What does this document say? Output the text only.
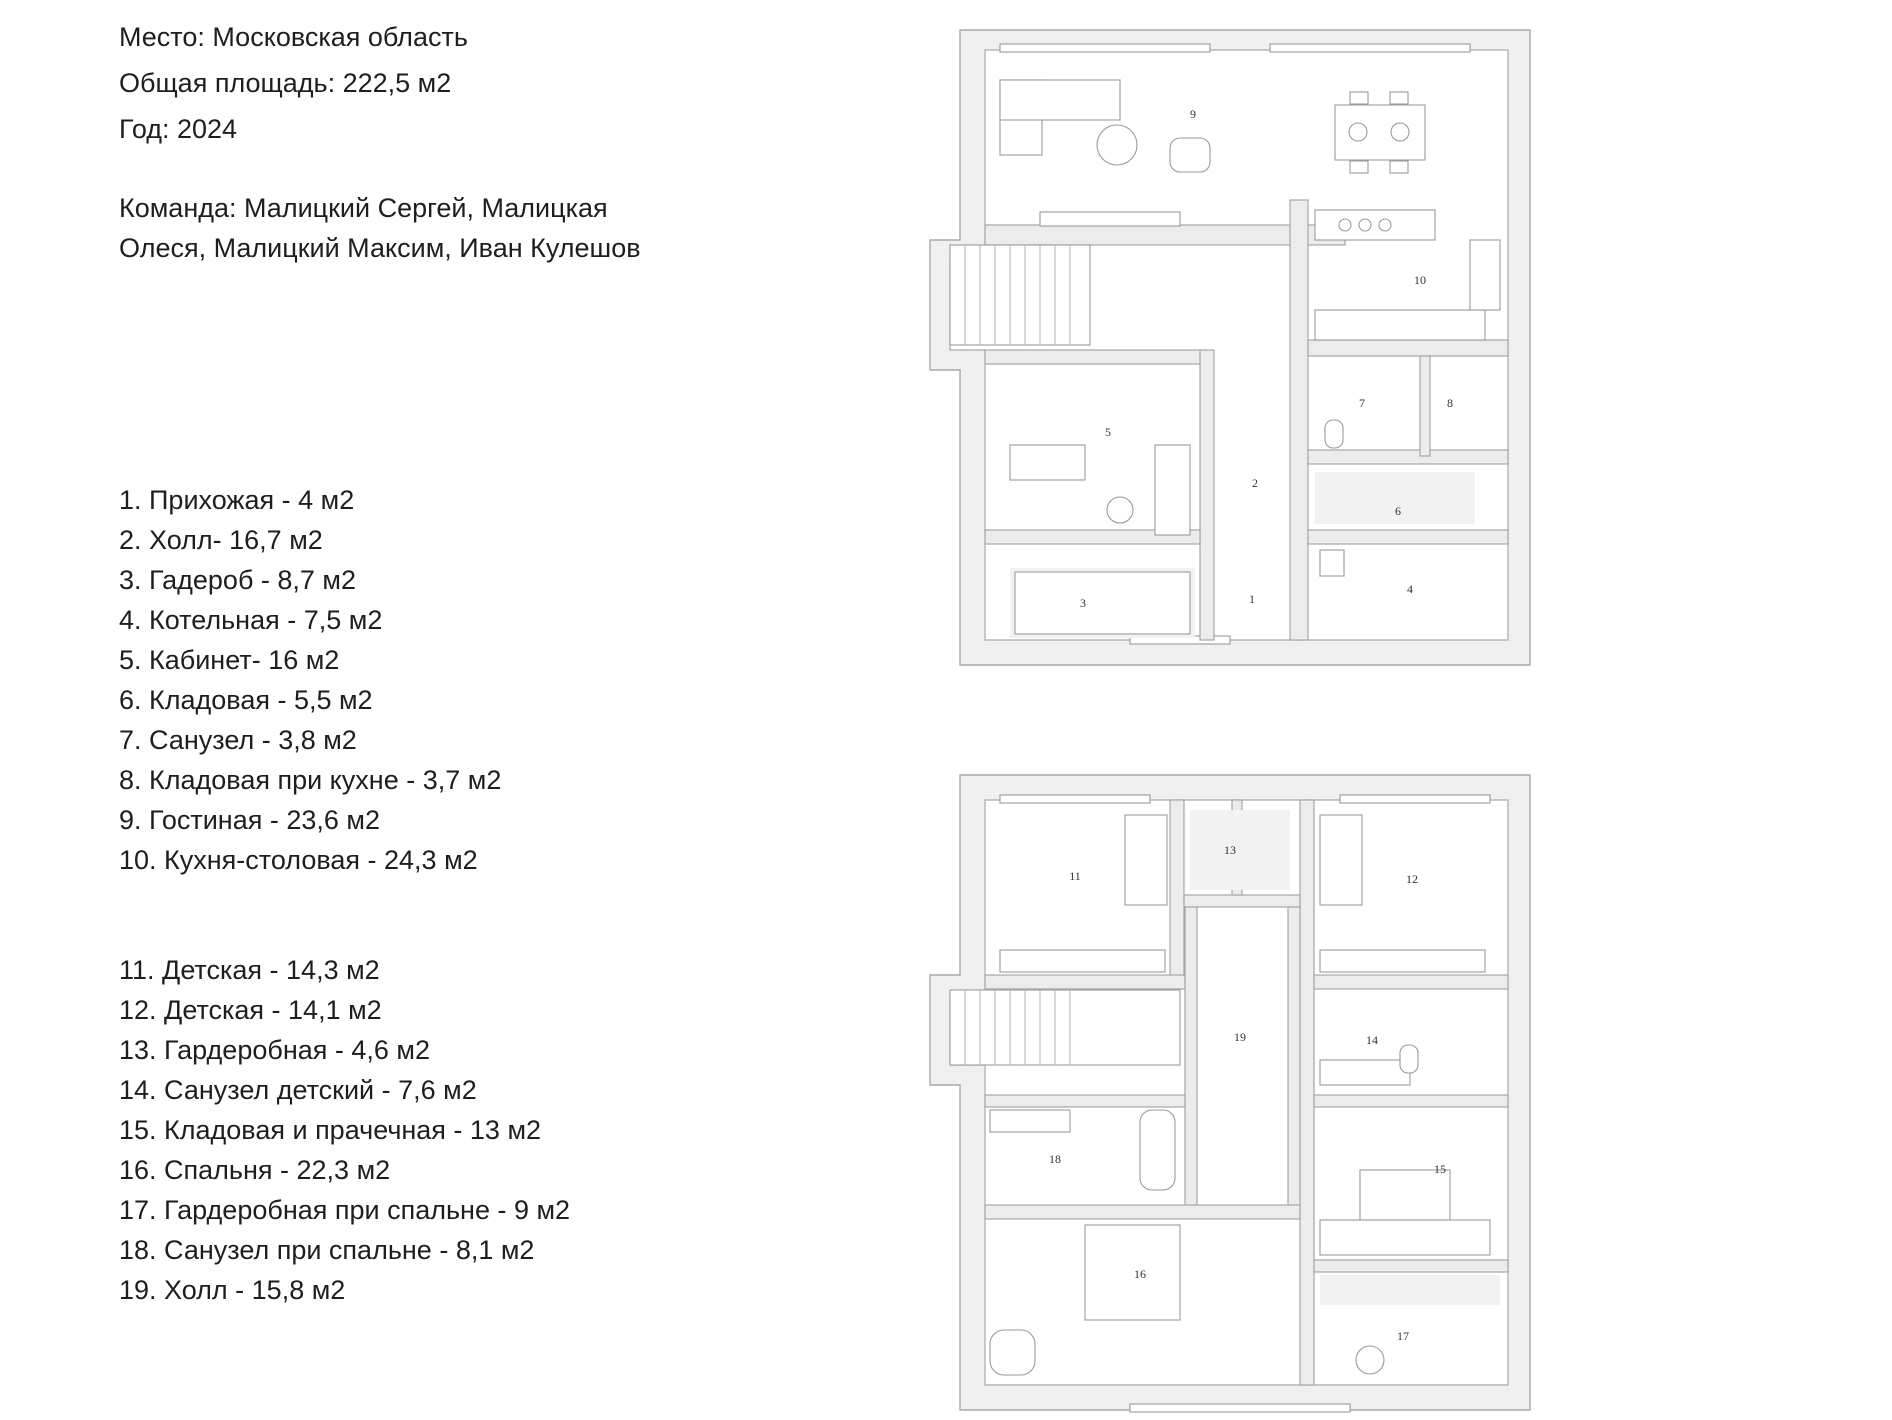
Место: Московская область
Общая площадь: 222,5 м2
Год: 2024
Команда: Малицкий Сергей, Малицкая Олеся, Малицкий Максим, Иван Кулешов
1. Прихожая - 4 м2
2. Холл- 16,7 м2
3. Гадероб - 8,7 м2
4. Котельная - 7,5 м2
5. Кабинет- 16 м2
6. Кладовая - 5,5 м2
7. Санузел - 3,8 м2
8. Кладовая при кухне - 3,7 м2
9. Гостиная - 23,6 м2
10. Кухня-столовая - 24,3 м2
11. Детская - 14,3 м2
12. Детская - 14,1 м2
13. Гардеробная - 4,6 м2
14. Санузел детский - 7,6 м2
15. Кладовая и прачечная - 13 м2
16. Спальня - 22,3 м2
17. Гардеробная при спальне - 9 м2
18. Санузел при спальне - 8,1 м2
19. Холл - 15,8 м2
1
2
3
4
5
6
7	8
9
10
11	12
13
14
15
16
17
18
19
